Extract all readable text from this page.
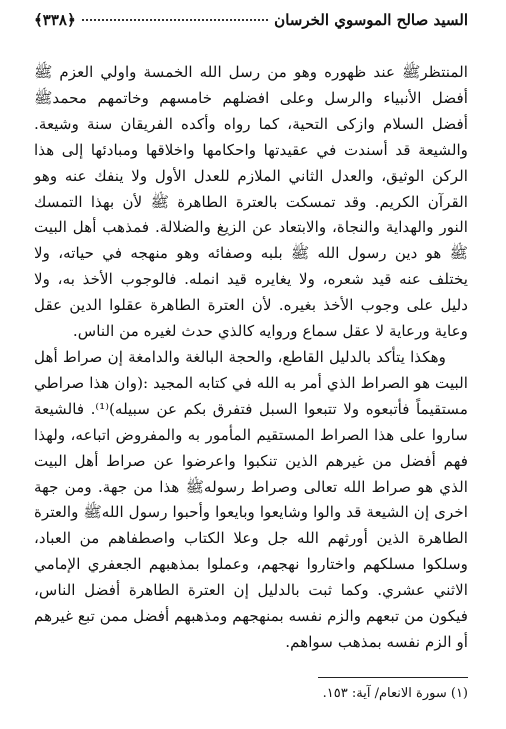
السيد صالح الموسوي الخرسان
﴿٣٣٨﴾

المنتظرﷺ عند ظهوره وهو من رسل الله الخمسة واولي العزم ﷺ أفضل الأنبياء والرسل وعلى افضلهم خامسهم وخاتمهم محمدﷺ أفضل السلام وازكى التحية، كما رواه وأكده الفريقان سنة وشيعة. والشيعة قد أسندت في عقيدتها واحكامها واخلاقها ومبادئها إلى هذا الركن الوثيق، والعدل الثاني الملازم للعدل الأول ولا ينفك عنه وهو القرآن الكريم. وقد تمسكت بالعترة الطاهرة ﷺ لأن بهذا التمسك النور والهداية والنجاة، والابتعاد عن الزيغ والضلالة. فمذهب أهل البيت ﷺ هو دين رسول الله ﷺ بلبه وصفائه وهو منهجه في حياته، ولا يختلف عنه قيد شعره، ولا يغايره قيد انمله. فالوجوب الأخذ به، ولا دليل على وجوب الأخذ بغيره. لأن العترة الطاهرة عقلوا الدين عقل وعاية ورعاية لا عقل سماع وروايه كالذي حدث لغيره من الناس.

وهكذا يتأكد بالدليل القاطع، والحجة البالغة والدامغة إن صراط أهل البيت هو الصراط الذي أمر به الله في كتابه المجيد :(وان هذا صراطي مستقيماً فأتبعوه ولا تتبعوا السبل فتفرق بكم عن سبيله)⁽¹⁾. فالشيعة ساروا على هذا الصراط المستقيم المأمور به والمفروض اتباعه، ولهذا فهم أفضل من غيرهم الذين تنكبوا واعرضوا عن صراط أهل البيت الذي هو صراط الله تعالى وصراط رسولهﷺ هذا من جهة. ومن جهة اخرى إن الشيعة قد والوا وشايعوا وبايعوا وأحبوا رسول اللهﷺ والعترة الطاهرة الذين أورثهم الله جل وعلا الكتاب واصطفاهم من العباد، وسلكوا مسلكهم واختاروا نهجهم، وعملوا بمذهبهم الجعفري الإمامي الاثني عشري. وكما ثبت بالدليل إن العترة الطاهرة أفضل الناس، فيكون من تبعهم والزم نفسه بمنهجهم ومذهبهم أفضل ممن تبع غيرهم أو الزم نفسه بمذهب سواهم.

(١) سورة الانعام/ آية: ١٥٣.
